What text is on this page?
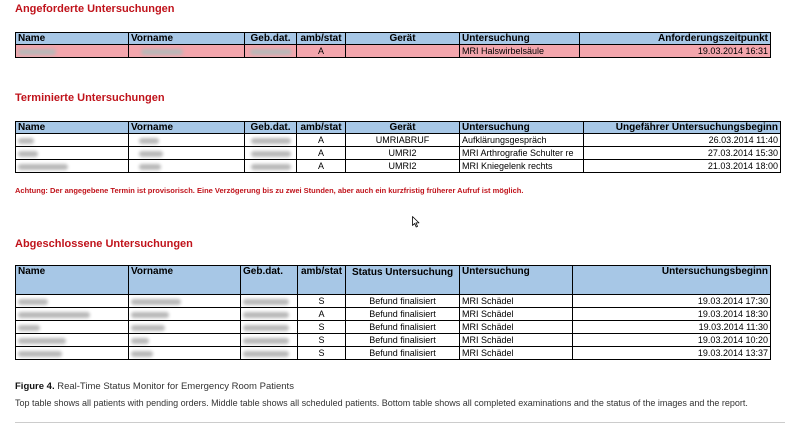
Angeforderte Untersuchungen
Name	Vorname	Geb.dat.	amb/stat	Gerät	Untersuchung	Anforderungszeitpunkt
			A		MRI Halswirbelsäule	19.03.2014 16:31
Terminierte Untersuchungen
Name	Vorname	Geb.dat.	amb/stat	Gerät	Untersuchung	Ungefährer Untersuchungsbeginn
			A	UMRIABRUF	Aufklärungsgespräch	26.03.2014 11:40
			A	UMRI2	MRI Arthrografie Schulter re	27.03.2014 15:30
			A	UMRI2	MRI Kniegelenk rechts	21.03.2014 18:00
Achtung: Der angegebene Termin ist provisorisch. Eine Verzögerung bis zu zwei Stunden, aber auch ein kurzfristig früherer Aufruf ist möglich.
Abgeschlossene Untersuchungen
Name	Vorname	Geb.dat.	amb/stat	Status Untersuchung	Untersuchung	Untersuchungsbeginn
			S	Befund finalisiert	MRI Schädel	19.03.2014 17:30
			A	Befund finalisiert	MRI Schädel	19.03.2014 18:30
			S	Befund finalisiert	MRI Schädel	19.03.2014 11:30
			S	Befund finalisiert	MRI Schädel	19.03.2014 10:20
			S	Befund finalisiert	MRI Schädel	19.03.2014 13:37
Figure 4. Real-Time Status Monitor for Emergency Room Patients
Top table shows all patients with pending orders. Middle table shows all scheduled patients. Bottom table shows all completed examinations and the status of the images and the report.
